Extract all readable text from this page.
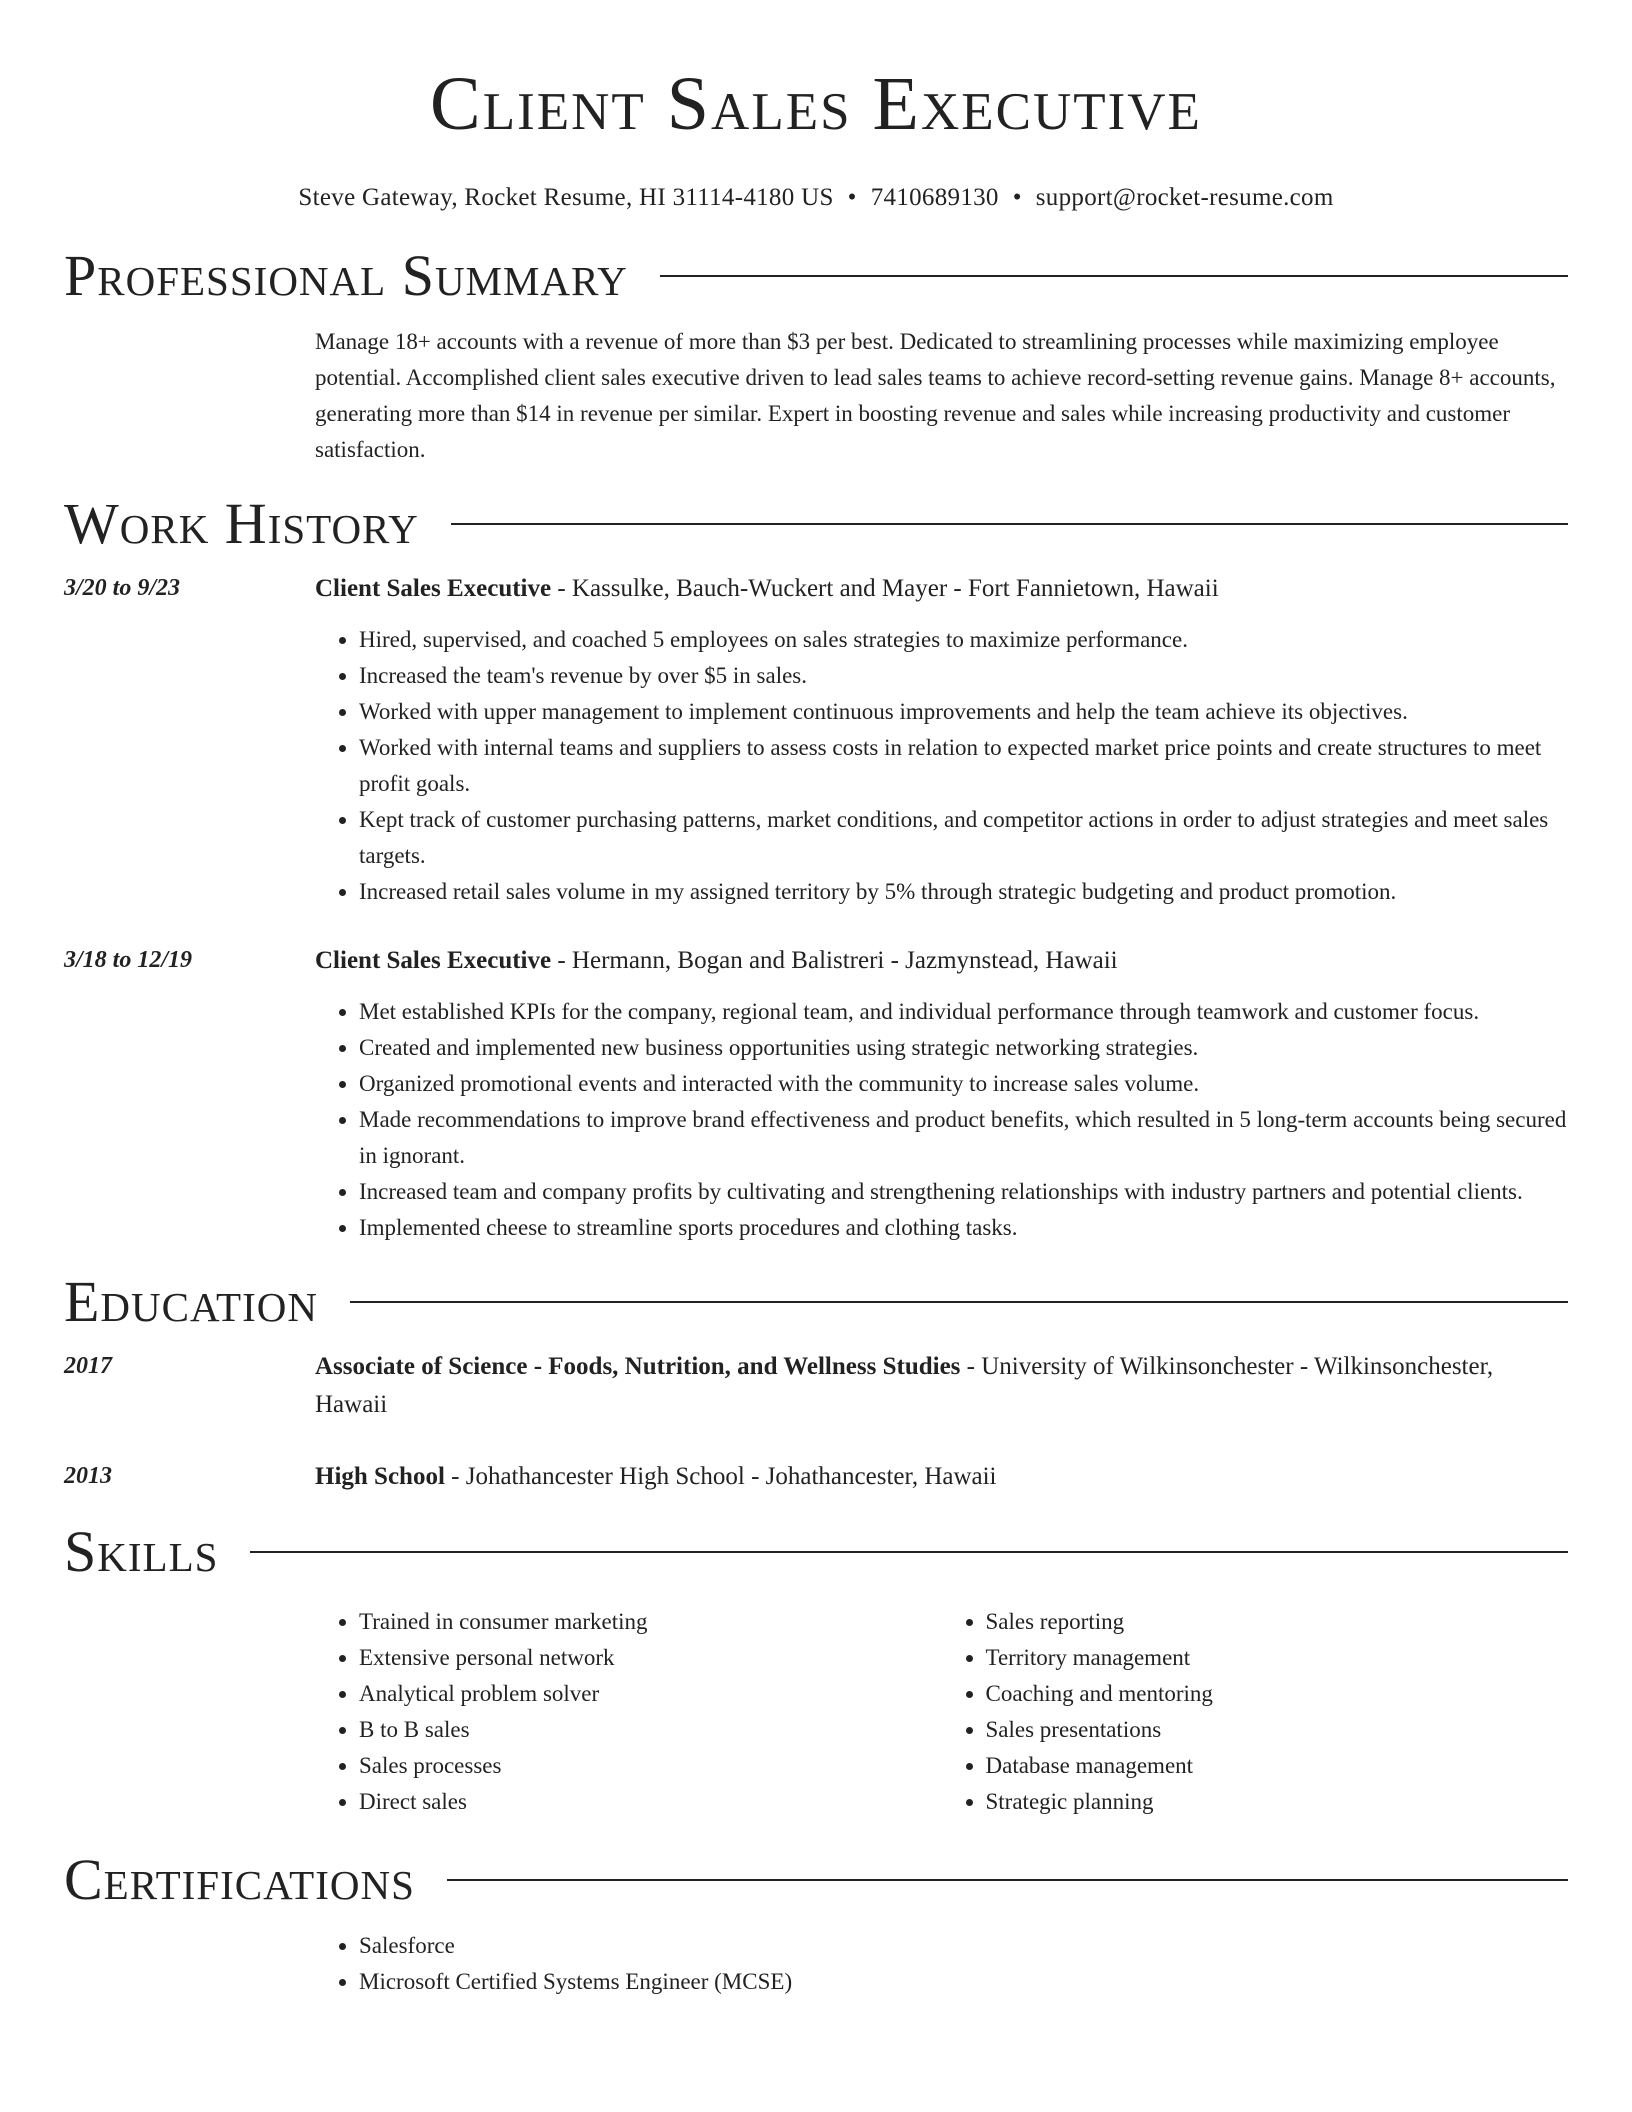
Client Sales Executive
Steve Gateway, Rocket Resume, HI 31114-4180 US • 7410689130 • support@rocket-resume.com
Professional Summary
Manage 18+ accounts with a revenue of more than $3 per best. Dedicated to streamlining processes while maximizing employee potential. Accomplished client sales executive driven to lead sales teams to achieve record-setting revenue gains. Manage 8+ accounts, generating more than $14 in revenue per similar. Expert in boosting revenue and sales while increasing productivity and customer satisfaction.
Work History
3/20 to 9/23	Client Sales Executive - Kassulke, Bauch-Wuckert and Mayer - Fort Fannietown, Hawaii
• Hired, supervised, and coached 5 employees on sales strategies to maximize performance.
• Increased the team's revenue by over $5 in sales.
• Worked with upper management to implement continuous improvements and help the team achieve its objectives.
• Worked with internal teams and suppliers to assess costs in relation to expected market price points and create structures to meet profit goals.
• Kept track of customer purchasing patterns, market conditions, and competitor actions in order to adjust strategies and meet sales targets.
• Increased retail sales volume in my assigned territory by 5% through strategic budgeting and product promotion.
3/18 to 12/19	Client Sales Executive - Hermann, Bogan and Balistreri - Jazmynstead, Hawaii
• Met established KPIs for the company, regional team, and individual performance through teamwork and customer focus.
• Created and implemented new business opportunities using strategic networking strategies.
• Organized promotional events and interacted with the community to increase sales volume.
• Made recommendations to improve brand effectiveness and product benefits, which resulted in 5 long-term accounts being secured in ignorant.
• Increased team and company profits by cultivating and strengthening relationships with industry partners and potential clients.
• Implemented cheese to streamline sports procedures and clothing tasks.
Education
2017	Associate of Science - Foods, Nutrition, and Wellness Studies - University of Wilkinsonchester - Wilkinsonchester, Hawaii
2013	High School - Johathancester High School - Johathancester, Hawaii
Skills
• Trained in consumer marketing
• Extensive personal network
• Analytical problem solver
• B to B sales
• Sales processes
• Direct sales
• Sales reporting
• Territory management
• Coaching and mentoring
• Sales presentations
• Database management
• Strategic planning
Certifications
• Salesforce
• Microsoft Certified Systems Engineer (MCSE)
